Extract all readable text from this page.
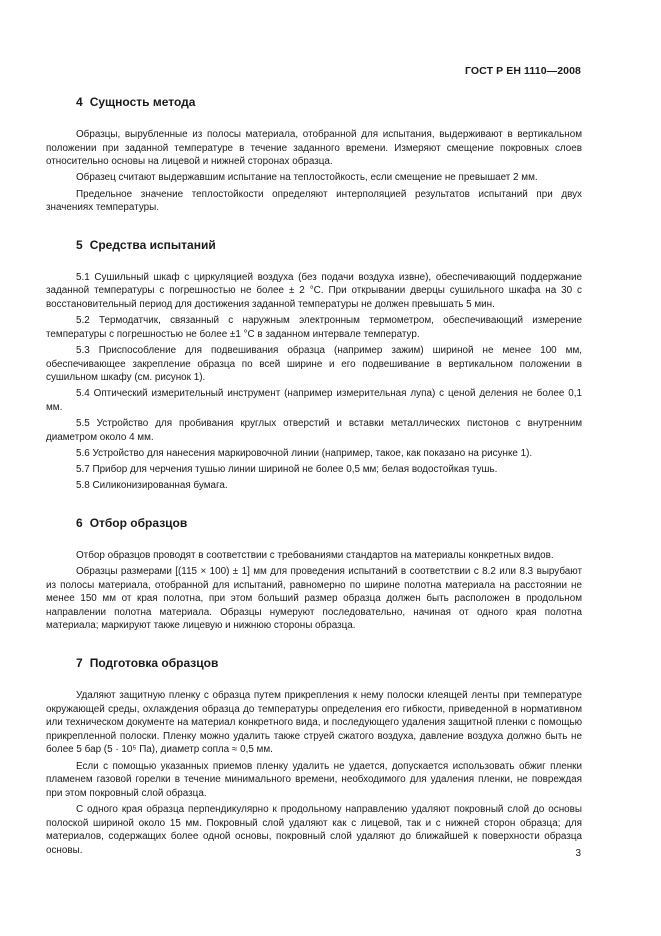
ГОСТ Р ЕН 1110—2008
4 Сущность метода

Образцы, вырубленные из полосы материала, отобранной для испытания, выдерживают в вертикальном положении при заданной температуре в течение заданного времени. Измеряют смещение покровных слоев относительно основы на лицевой и нижней сторонах образца.

Образец считают выдержавшим испытание на теплостойкость, если смещение не превышает 2 мм.

Предельное значение теплостойкости определяют интерполяцией результатов испытаний при двух значениях температуры.

5 Средства испытаний

5.1 Сушильный шкаф с циркуляцией воздуха (без подачи воздуха извне), обеспечивающий поддержание заданной температуры с погрешностью не более ± 2 °С. При открывании дверцы сушильного шкафа на 30 с восстановительный период для достижения заданной температуры не должен превышать 5 мин.

5.2 Термодатчик, связанный с наружным электронным термометром, обеспечивающий измерение температуры с погрешностью не более ±1 °С в заданном интервале температур.

5.3 Приспособление для подвешивания образца (например зажим) шириной не менее 100 мм, обеспечивающее закрепление образца по всей ширине и его подвешивание в вертикальном положении в сушильном шкафу (см. рисунок 1).

5.4 Оптический измерительный инструмент (например измерительная лупа) с ценой деления не более 0,1 мм.

5.5 Устройство для пробивания круглых отверстий и вставки металлических пистонов с внутренним диаметром около 4 мм.

5.6 Устройство для нанесения маркировочной линии (например, такое, как показано на рисунке 1).

5.7 Прибор для черчения тушью линии шириной не более 0,5 мм; белая водостойкая тушь.

5.8 Силиконизированная бумага.

6 Отбор образцов

Отбор образцов проводят в соответствии с требованиями стандартов на материалы конкретных видов.

Образцы размерами [(115 × 100) ± 1] мм для проведения испытаний в соответствии с 8.2 или 8.3 вырубают из полосы материала, отобранной для испытаний, равномерно по ширине полотна материала на расстоянии не менее 150 мм от края полотна, при этом больший размер образца должен быть расположен в продольном направлении полотна материала. Образцы нумеруют последовательно, начиная от одного края полотна материала; маркируют также лицевую и нижнюю стороны образца.

7 Подготовка образцов

Удаляют защитную пленку с образца путем прикрепления к нему полоски клеящей ленты при температуре окружающей среды, охлаждения образца до температуры определения его гибкости, приведенной в нормативном или техническом документе на материал конкретного вида, и последующего удаления защитной пленки с помощью прикрепленной полоски. Пленку можно удалить также струей сжатого воздуха, давление воздуха должно быть не более 5 бар (5 · 10⁵ Па), диаметр сопла ≈ 0,5 мм.

Если с помощью указанных приемов пленку удалить не удается, допускается использовать обжиг пленки пламенем газовой горелки в течение минимального времени, необходимого для удаления пленки, не повреждая при этом покровный слой образца.

С одного края образца перпендикулярно к продольному направлению удаляют покровный слой до основы полоской шириной около 15 мм. Покровный слой удаляют как с лицевой, так и с нижней сторон образца; для материалов, содержащих более одной основы, покровный слой удаляют до ближайшей к поверхности образца основы.	3
